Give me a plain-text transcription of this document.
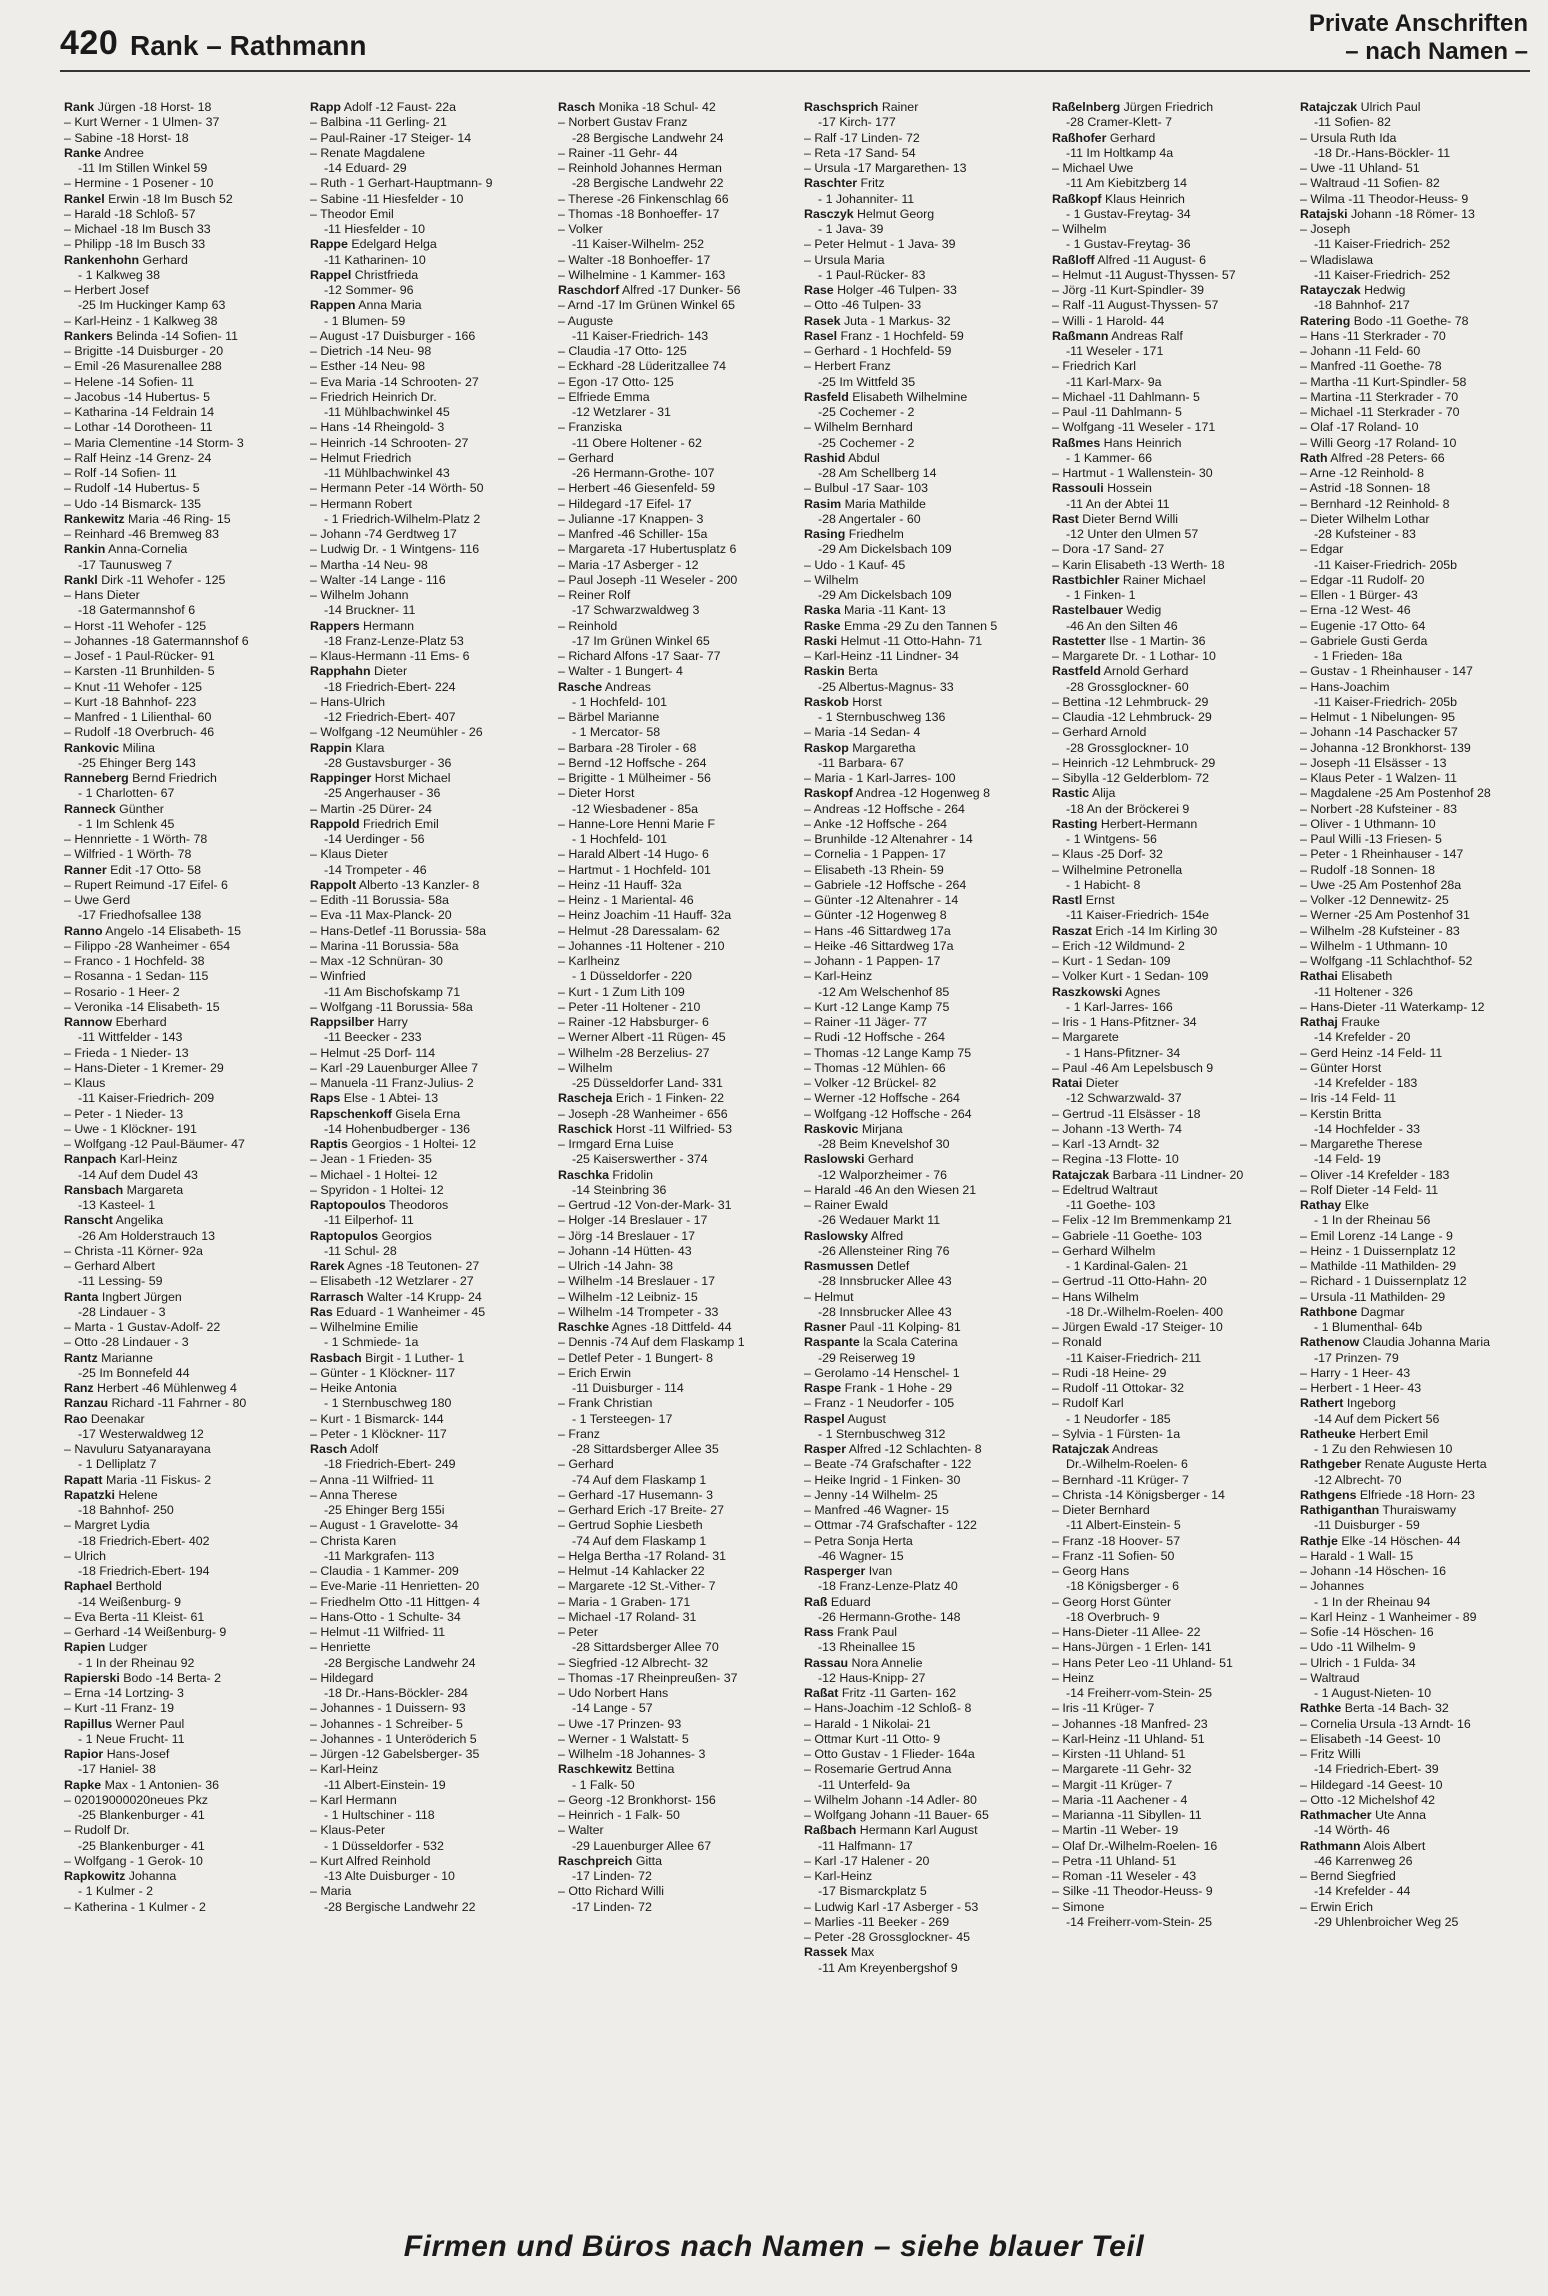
420 Rank – Rathmann
Private Anschriften
– nach Namen –
Rank Jürgen -18 Horst- 18
– Kurt Werner - 1 Ulmen- 37
– Sabine -18 Horst- 18
Ranke Andree
-11 Im Stillen Winkel 59
– Hermine - 1 Posener - 10
Rankel Erwin -18 Im Busch 52
– Harald -18 Schloß- 57
– Michael -18 Im Busch 33
– Philipp -18 Im Busch 33
Rankenhohn Gerhard
- 1 Kalkweg 38
– Herbert Josef
-25 Im Huckinger Kamp 63
– Karl-Heinz - 1 Kalkweg 38
Rankers Belinda -14 Sofien- 11
– Brigitte -14 Duisburger - 20
– Emil -26 Masurenallee 288
– Helene -14 Sofien- 11
– Jacobus -14 Hubertus- 5
– Katharina -14 Feldrain 14
– Lothar -14 Dorotheen- 11
– Maria Clementine -14 Storm- 3
– Ralf Heinz -14 Grenz- 24
– Rolf -14 Sofien- 11
– Rudolf -14 Hubertus- 5
– Udo -14 Bismarck- 135
Rankewitz Maria -46 Ring- 15
– Reinhard -46 Bremweg 83
Rankin Anna-Cornelia
-17 Taunusweg 7
Rankl Dirk -11 Wehofer - 125
– Hans Dieter
-18 Gatermannshof 6
– Horst -11 Wehofer - 125
– Johannes -18 Gatermannshof 6
– Josef - 1 Paul-Rücker- 91
– Karsten -11 Brunhilden- 5
– Knut -11 Wehofer - 125
– Kurt -18 Bahnhof- 223
– Manfred - 1 Lilienthal- 60
– Rudolf -18 Overbruch- 46
Rankovic Milina
-25 Ehinger Berg 143
Ranneberg Bernd Friedrich
- 1 Charlotten- 67
Ranneck Günther
- 1 Im Schlenk 45
– Hennriette - 1 Wörth- 78
– Wilfried - 1 Wörth- 78
Ranner Edit -17 Otto- 58
– Rupert Reimund -17 Eifel- 6
– Uwe Gerd
-17 Friedhofsallee 138
Ranno Angelo -14 Elisabeth- 15
– Filippo -28 Wanheimer - 654
– Franco - 1 Hochfeld- 38
– Rosanna - 1 Sedan- 115
– Rosario - 1 Heer- 2
– Veronika -14 Elisabeth- 15
Rannow Eberhard
-11 Wittfelder - 143
– Frieda - 1 Nieder- 13
– Hans-Dieter - 1 Kremer- 29
– Klaus
-11 Kaiser-Friedrich- 209
– Peter - 1 Nieder- 13
– Uwe - 1 Klöckner- 191
– Wolfgang -12 Paul-Bäumer- 47
Ranpach Karl-Heinz
-14 Auf dem Dudel 43
Ransbach Margareta
-13 Kasteel- 1
Ranscht Angelika
-26 Am Holderstrauch 13
– Christa -11 Körner- 92a
– Gerhard Albert
-11 Lessing- 59
Ranta Ingbert Jürgen
-28 Lindauer - 3
– Marta - 1 Gustav-Adolf- 22
– Otto -28 Lindauer - 3
Rantz Marianne
-25 Im Bonnefeld 44
Ranz Herbert -46 Mühlenweg 4
Ranzau Richard -11 Fahrner - 80
Rao Deenakar
-17 Westerwaldweg 12
– Navuluru Satyanarayana
- 1 Delliplatz 7
Rapatt Maria -11 Fiskus- 2
Rapatzki Helene
-18 Bahnhof- 250
– Margret Lydia
-18 Friedrich-Ebert- 402
– Ulrich
-18 Friedrich-Ebert- 194
Raphael Berthold
-14 Weißenburg- 9
– Eva Berta -11 Kleist- 61
– Gerhard -14 Weißenburg- 9
Rapien Ludger
- 1 In der Rheinau 92
Rapierski Bodo -14 Berta- 2
– Erna -14 Lortzing- 3
– Kurt -11 Franz- 19
Rapillus Werner Paul
- 1 Neue Frucht- 11
Rapior Hans-Josef
-17 Haniel- 38
Rapke Max - 1 Antonien- 36
– 02019000020neues Pkz
-25 Blankenburger - 41
– Rudolf Dr.
-25 Blankenburger - 41
– Wolfgang - 1 Gerok- 10
Rapkowitz Johanna
- 1 Kulmer - 2
– Katherina - 1 Kulmer - 2
Rapp Adolf -12 Faust- 22a
– Balbina -11 Gerling- 21
– Paul-Rainer -17 Steiger- 14
– Renate Magdalene
-14 Eduard- 29
– Ruth - 1 Gerhart-Hauptmann- 9
– Sabine -11 Hiesfelder - 10
– Theodor Emil
-11 Hiesfelder - 10
Rappe Edelgard Helga
-11 Katharinen- 10
Rappel Christfrieda
-12 Sommer- 96
Rappen Anna Maria
- 1 Blumen- 59
– August -17 Duisburger - 166
– Dietrich -14 Neu- 98
– Esther -14 Neu- 98
– Eva Maria -14 Schrooten- 27
– Friedrich Heinrich Dr.
-11 Mühlbachwinkel 45
– Hans -14 Rheingold- 3
– Heinrich -14 Schrooten- 27
– Helmut Friedrich
-11 Mühlbachwinkel 43
– Hermann Peter -14 Wörth- 50
– Hermann Robert
- 1 Friedrich-Wilhelm-Platz 2
– Johann -74 Gerdtweg 17
– Ludwig Dr. - 1 Wintgens- 116
– Martha -14 Neu- 98
– Walter -14 Lange - 116
– Wilhelm Johann
-14 Bruckner- 11
Rappers Hermann
-18 Franz-Lenze-Platz 53
– Klaus-Hermann -11 Ems- 6
Rapphahn Dieter
-18 Friedrich-Ebert- 224
– Hans-Ulrich
-12 Friedrich-Ebert- 407
– Wolfgang -12 Neumühler - 26
Rappin Klara
-28 Gustavsburger - 36
Rappinger Horst Michael
-25 Angerhauser - 36
– Martin -25 Dürer- 24
Rappold Friedrich Emil
-14 Uerdinger - 56
– Klaus Dieter
-14 Trompeter - 46
Rappolt Alberto -13 Kanzler- 8
– Edith -11 Borussia- 58a
– Eva -11 Max-Planck- 20
– Hans-Detlef -11 Borussia- 58a
– Marina -11 Borussia- 58a
– Max -12 Schnüran- 30
– Winfried
-11 Am Bischofskamp 71
– Wolfgang -11 Borussia- 58a
Rappsilber Harry
-11 Beecker - 233
– Helmut -25 Dorf- 114
– Karl -29 Lauenburger Allee 7
– Manuela -11 Franz-Julius- 2
Raps Else - 1 Abtei- 13
Rapschenkoff Gisela Erna
-14 Hohenbudberger - 136
Raptis Georgios - 1 Holtei- 12
– Jean - 1 Frieden- 35
– Michael - 1 Holtei- 12
– Spyridon - 1 Holtei- 12
Raptopoulos Theodoros
-11 Eilperhof- 11
Raptopulos Georgios
-11 Schul- 28
Rarek Agnes -18 Teutonen- 27
– Elisabeth -12 Wetzlarer - 27
Rarrasch Walter -14 Krupp- 24
Ras Eduard - 1 Wanheimer - 45
– Wilhelmine Emilie
- 1 Schmiede- 1a
Rasbach Birgit - 1 Luther- 1
– Günter - 1 Klöckner- 117
– Heike Antonia
- 1 Sternbuschweg 180
– Kurt - 1 Bismarck- 144
– Peter - 1 Klöckner- 117
Rasch Adolf
-18 Friedrich-Ebert- 249
– Anna -11 Wilfried- 11
– Anna Therese
-25 Ehinger Berg 155i
– August - 1 Gravelotte- 34
– Christa Karen
-11 Markgrafen- 113
– Claudia - 1 Kammer- 209
– Eve-Marie -11 Henrietten- 20
– Friedhelm Otto -11 Hittgen- 4
– Hans-Otto - 1 Schulte- 34
– Helmut -11 Wilfried- 11
– Henriette
-28 Bergische Landwehr 24
– Hildegard
-18 Dr.-Hans-Böckler- 284
– Johannes - 1 Duissern- 93
– Johannes - 1 Schreiber- 5
– Johannes - 1 Unteröderich 5
– Jürgen -12 Gabelsberger- 35
– Karl-Heinz
-11 Albert-Einstein- 19
– Karl Hermann
- 1 Hultschiner - 118
– Klaus-Peter
- 1 Düsseldorfer - 532
– Kurt Alfred Reinhold
-13 Alte Duisburger - 10
– Maria
-28 Bergische Landwehr 22
Rasch Monika -18 Schul- 42
– Norbert Gustav Franz
-28 Bergische Landwehr 24
– Rainer -11 Gehr- 44
– Reinhold Johannes Herman
-28 Bergische Landwehr 22
– Therese -26 Finkenschlag 66
– Thomas -18 Bonhoeffer- 17
– Volker
-11 Kaiser-Wilhelm- 252
– Walter -18 Bonhoeffer- 17
– Wilhelmine - 1 Kammer- 163
Raschdorf Alfred -17 Dunker- 56
– Arnd -17 Im Grünen Winkel 65
– Auguste
-11 Kaiser-Friedrich- 143
– Claudia -17 Otto- 125
– Eckhard -28 Lüderitzallee 74
– Egon -17 Otto- 125
– Elfriede Emma
-12 Wetzlarer - 31
– Franziska
-11 Obere Holtener - 62
– Gerhard
-26 Hermann-Grothe- 107
– Herbert -46 Giesenfeld- 59
– Hildegard -17 Eifel- 17
– Julianne -17 Knappen- 3
– Manfred -46 Schiller- 15a
– Margareta -17 Hubertusplatz 6
– Maria -17 Asberger - 12
– Paul Joseph -11 Weseler - 200
– Reiner Rolf
-17 Schwarzwaldweg 3
– Reinhold
-17 Im Grünen Winkel 65
– Richard Alfons -17 Saar- 77
– Walter - 1 Bungert- 4
Rasche Andreas
- 1 Hochfeld- 101
– Bärbel Marianne
- 1 Mercator- 58
– Barbara -28 Tiroler - 68
– Bernd -12 Hoffsche - 264
– Brigitte - 1 Mülheimer - 56
– Dieter Horst
-12 Wiesbadener - 85a
– Hanne-Lore Henni Marie F
- 1 Hochfeld- 101
– Harald Albert -14 Hugo- 6
– Hartmut - 1 Hochfeld- 101
– Heinz -11 Hauff- 32a
– Heinz - 1 Mariental- 46
– Heinz Joachim -11 Hauff- 32a
– Helmut -28 Daressalam- 62
– Johannes -11 Holtener - 210
– Karlheinz
- 1 Düsseldorfer - 220
– Kurt - 1 Zum Lith 109
– Peter -11 Holtener - 210
– Rainer -12 Habsburger- 6
– Werner Albert -11 Rügen- 45
– Wilhelm -28 Berzelius- 27
– Wilhelm
-25 Düsseldorfer Land- 331
Rascheja Erich - 1 Finken- 22
– Joseph -28 Wanheimer - 656
Raschick Horst -11 Wilfried- 53
– Irmgard Erna Luise
-25 Kaiserswerther - 374
Raschka Fridolin
-14 Steinbring 36
– Gertrud -12 Von-der-Mark- 31
– Holger -14 Breslauer - 17
– Jörg -14 Breslauer - 17
– Johann -14 Hütten- 43
– Ulrich -14 Jahn- 38
– Wilhelm -14 Breslauer - 17
– Wilhelm -12 Leibniz- 15
– Wilhelm -14 Trompeter - 33
Raschke Agnes -18 Dittfeld- 44
– Dennis -74 Auf dem Flaskamp 1
– Detlef Peter - 1 Bungert- 8
– Erich Erwin
-11 Duisburger - 114
– Frank Christian
- 1 Tersteegen- 17
– Franz
-28 Sittardsberger Allee 35
– Gerhard
-74 Auf dem Flaskamp 1
– Gerhard -17 Husemann- 3
– Gerhard Erich -17 Breite- 27
– Gertrud Sophie Liesbeth
-74 Auf dem Flaskamp 1
– Helga Bertha -17 Roland- 31
– Helmut -14 Kahlacker 22
– Margarete -12 St.-Vither- 7
– Maria - 1 Graben- 171
– Michael -17 Roland- 31
– Peter
-28 Sittardsberger Allee 70
– Siegfried -12 Albrecht- 32
– Thomas -17 Rheinpreußen- 37
– Udo Norbert Hans
-14 Lange - 57
– Uwe -17 Prinzen- 93
– Werner - 1 Walstatt- 5
– Wilhelm -18 Johannes- 3
Raschkewitz Bettina
- 1 Falk- 50
– Georg -12 Bronkhorst- 156
– Heinrich - 1 Falk- 50
– Walter
-29 Lauenburger Allee 67
Raschpreich Gitta
-17 Linden- 72
– Otto Richard Willi
-17 Linden- 72
Raschsprich Rainer
-17 Kirch- 177
– Ralf -17 Linden- 72
– Reta -17 Sand- 54
– Ursula -17 Margarethen- 13
Raschter Fritz
- 1 Johanniter- 11
Rasczyk Helmut Georg
- 1 Java- 39
– Peter Helmut - 1 Java- 39
– Ursula Maria
- 1 Paul-Rücker- 83
Rase Holger -46 Tulpen- 33
– Otto -46 Tulpen- 33
Rasek Juta - 1 Markus- 32
Rasel Franz - 1 Hochfeld- 59
– Gerhard - 1 Hochfeld- 59
– Herbert Franz
-25 Im Wittfeld 35
Rasfeld Elisabeth Wilhelmine
-25 Cochemer - 2
– Wilhelm Bernhard
-25 Cochemer - 2
Rashid Abdul
-28 Am Schellberg 14
– Bulbul -17 Saar- 103
Rasim Maria Mathilde
-28 Angertaler - 60
Rasing Friedhelm
-29 Am Dickelsbach 109
– Udo - 1 Kauf- 45
– Wilhelm
-29 Am Dickelsbach 109
Raska Maria -11 Kant- 13
Raske Emma -29 Zu den Tannen 5
Raski Helmut -11 Otto-Hahn- 71
– Karl-Heinz -11 Lindner- 34
Raskin Berta
-25 Albertus-Magnus- 33
Raskob Horst
- 1 Sternbuschweg 136
– Maria -14 Sedan- 4
Raskop Margaretha
-11 Barbara- 67
– Maria - 1 Karl-Jarres- 100
Raskopf Andrea -12 Hogenweg 8
– Andreas -12 Hoffsche - 264
– Anke -12 Hoffsche - 264
– Brunhilde -12 Altenahrer - 14
– Cornelia - 1 Pappen- 17
– Elisabeth -13 Rhein- 59
– Gabriele -12 Hoffsche - 264
– Günter -12 Altenahrer - 14
– Günter -12 Hogenweg 8
– Hans -46 Sittardweg 17a
– Heike -46 Sittardweg 17a
– Johann - 1 Pappen- 17
– Karl-Heinz
-12 Am Welschenhof 85
– Kurt -12 Lange Kamp 75
– Rainer -11 Jäger- 77
– Rudi -12 Hoffsche - 264
– Thomas -12 Lange Kamp 75
– Thomas -12 Mühlen- 66
– Volker -12 Brückel- 82
– Werner -12 Hoffsche - 264
– Wolfgang -12 Hoffsche - 264
Raskovic Mirjana
-28 Beim Knevelshof 30
Raslowski Gerhard
-12 Walporzheimer - 76
– Harald -46 An den Wiesen 21
– Rainer Ewald
-26 Wedauer Markt 11
Raslowsky Alfred
-26 Allensteiner Ring 76
Rasmussen Detlef
-28 Innsbrucker Allee 43
– Helmut
-28 Innsbrucker Allee 43
Rasner Paul -11 Kolping- 81
Raspante la Scala Caterina
-29 Reiserweg 19
– Gerolamo -14 Henschel- 1
Raspe Frank - 1 Hohe - 29
– Franz - 1 Neudorfer - 105
Raspel August
- 1 Sternbuschweg 312
Rasper Alfred -12 Schlachten- 8
– Beate -74 Grafschafter - 122
– Heike Ingrid - 1 Finken- 30
– Jenny -14 Wilhelm- 25
– Manfred -46 Wagner- 15
– Ottmar -74 Grafschafter - 122
– Petra Sonja Herta
-46 Wagner- 15
Rasperger Ivan
-18 Franz-Lenze-Platz 40
Raß Eduard
-26 Hermann-Grothe- 148
Rass Frank Paul
-13 Rheinallee 15
Rassau Nora Annelie
-12 Haus-Knipp- 27
Raßat Fritz -11 Garten- 162
– Hans-Joachim -12 Schloß- 8
– Harald - 1 Nikolai- 21
– Ottmar Kurt -11 Otto- 9
– Otto Gustav - 1 Flieder- 164a
– Rosemarie Gertrud Anna
-11 Unterfeld- 9a
– Wilhelm Johann -14 Adler- 80
– Wolfgang Johann -11 Bauer- 65
Raßbach Hermann Karl August
-11 Halfmann- 17
– Karl -17 Halener - 20
– Karl-Heinz
-17 Bismarckplatz 5
– Ludwig Karl -17 Asberger - 53
– Marlies -11 Beeker - 269
– Peter -28 Grossglockner- 45
Rassek Max
-11 Am Kreyenbergshof 9
Raßelnberg Jürgen Friedrich
-28 Cramer-Klett- 7
Raßhofer Gerhard
-11 Im Holtkamp 4a
– Michael Uwe
-11 Am Kiebitzberg 14
Raßkopf Klaus Heinrich
- 1 Gustav-Freytag- 34
– Wilhelm
- 1 Gustav-Freytag- 36
Raßloff Alfred -11 August- 6
– Helmut -11 August-Thyssen- 57
– Jörg -11 Kurt-Spindler- 39
– Ralf -11 August-Thyssen- 57
– Willi - 1 Harold- 44
Raßmann Andreas Ralf
-11 Weseler - 171
– Friedrich Karl
-11 Karl-Marx- 9a
– Michael -11 Dahlmann- 5
– Paul -11 Dahlmann- 5
– Wolfgang -11 Weseler - 171
Raßmes Hans Heinrich
- 1 Kammer- 66
– Hartmut - 1 Wallenstein- 30
Rassouli Hossein
-11 An der Abtei 11
Rast Dieter Bernd Willi
-12 Unter den Ulmen 57
– Dora -17 Sand- 27
– Karin Elisabeth -13 Werth- 18
Rastbichler Rainer Michael
- 1 Finken- 1
Rastelbauer Wedig
-46 An den Silten 46
Rastetter Ilse - 1 Martin- 36
– Margarete Dr. - 1 Lothar- 10
Rastfeld Arnold Gerhard
-28 Grossglockner- 60
– Bettina -12 Lehmbruck- 29
– Claudia -12 Lehmbruck- 29
– Gerhard Arnold
-28 Grossglockner- 10
– Heinrich -12 Lehmbruck- 29
– Sibylla -12 Gelderblom- 72
Rastic Alija
-18 An der Bröckerei 9
Rasting Herbert-Hermann
- 1 Wintgens- 56
– Klaus -25 Dorf- 32
– Wilhelmine Petronella
- 1 Habicht- 8
Rastl Ernst
-11 Kaiser-Friedrich- 154e
Raszat Erich -14 Im Kirling 30
– Erich -12 Wildmund- 2
– Kurt - 1 Sedan- 109
– Volker Kurt - 1 Sedan- 109
Raszkowski Agnes
- 1 Karl-Jarres- 166
– Iris - 1 Hans-Pfitzner- 34
– Margarete
- 1 Hans-Pfitzner- 34
– Paul -46 Am Lepelsbusch 9
Ratai Dieter
-12 Schwarzwald- 37
– Gertrud -11 Elsässer - 18
– Johann -13 Werth- 74
– Karl -13 Arndt- 32
– Regina -13 Flotte- 10
Ratajczak Barbara -11 Lindner- 20
– Edeltrud Waltraut
-11 Goethe- 103
– Felix -12 Im Bremmenkamp 21
– Gabriele -11 Goethe- 103
– Gerhard Wilhelm
- 1 Kardinal-Galen- 21
– Gertrud -11 Otto-Hahn- 20
– Hans Wilhelm
-18 Dr.-Wilhelm-Roelen- 400
– Jürgen Ewald -17 Steiger- 10
– Ronald
-11 Kaiser-Friedrich- 211
– Rudi -18 Heine- 29
– Rudolf -11 Ottokar- 32
– Rudolf Karl
- 1 Neudorfer - 185
– Sylvia - 1 Fürsten- 1a
Ratajczak Andreas
Dr.-Wilhelm-Roelen- 6
– Bernhard -11 Krüger- 7
– Christa -14 Königsberger - 14
– Dieter Bernhard
-11 Albert-Einstein- 5
– Franz -18 Hoover- 57
– Franz -11 Sofien- 50
– Georg Hans
-18 Königsberger - 6
– Georg Horst Günter
-18 Overbruch- 9
– Hans-Dieter -11 Allee- 22
– Hans-Jürgen - 1 Erlen- 141
– Hans Peter Leo -11 Uhland- 51
– Heinz
-14 Freiherr-vom-Stein- 25
– Iris -11 Krüger- 7
– Johannes -18 Manfred- 23
– Karl-Heinz -11 Uhland- 51
– Kirsten -11 Uhland- 51
– Margarete -11 Gehr- 32
– Margit -11 Krüger- 7
– Maria -11 Aachener - 4
– Marianna -11 Sibyllen- 11
– Martin -11 Weber- 19
– Olaf Dr.-Wilhelm-Roelen- 16
– Petra -11 Uhland- 51
– Roman -11 Weseler - 43
– Silke -11 Theodor-Heuss- 9
– Simone
-14 Freiherr-vom-Stein- 25
Ratajczak Ulrich Paul
-11 Sofien- 82
– Ursula Ruth Ida
-18 Dr.-Hans-Böckler- 11
– Uwe -11 Uhland- 51
– Waltraud -11 Sofien- 82
– Wilma -11 Theodor-Heuss- 9
Ratajski Johann -18 Römer- 13
– Joseph
-11 Kaiser-Friedrich- 252
– Wladislawa
-11 Kaiser-Friedrich- 252
Ratayczak Hedwig
-18 Bahnhof- 217
Ratering Bodo -11 Goethe- 78
– Hans -11 Sterkrader - 70
– Johann -11 Feld- 60
– Manfred -11 Goethe- 78
– Martha -11 Kurt-Spindler- 58
– Martina -11 Sterkrader - 70
– Michael -11 Sterkrader - 70
– Olaf -17 Roland- 10
– Willi Georg -17 Roland- 10
Rath Alfred -28 Peters- 66
– Arne -12 Reinhold- 8
– Astrid -18 Sonnen- 18
– Bernhard -12 Reinhold- 8
– Dieter Wilhelm Lothar
-28 Kufsteiner - 83
– Edgar
-11 Kaiser-Friedrich- 205b
– Edgar -11 Rudolf- 20
– Ellen - 1 Bürger- 43
– Erna -12 West- 46
– Eugenie -17 Otto- 64
– Gabriele Gusti Gerda
- 1 Frieden- 18a
– Gustav - 1 Rheinhauser - 147
– Hans-Joachim
-11 Kaiser-Friedrich- 205b
– Helmut - 1 Nibelungen- 95
– Johann -14 Paschacker 57
– Johanna -12 Bronkhorst- 139
– Joseph -11 Elsässer - 13
– Klaus Peter - 1 Walzen- 11
– Magdalene -25 Am Postenhof 28
– Norbert -28 Kufsteiner - 83
– Oliver - 1 Uthmann- 10
– Paul Willi -13 Friesen- 5
– Peter - 1 Rheinhauser - 147
– Rudolf -18 Sonnen- 18
– Uwe -25 Am Postenhof 28a
– Volker -12 Dennewitz- 25
– Werner -25 Am Postenhof 31
– Wilhelm -28 Kufsteiner - 83
– Wilhelm - 1 Uthmann- 10
– Wolfgang -11 Schlachthof- 52
Rathai Elisabeth
-11 Holtener - 326
– Hans-Dieter -11 Waterkamp- 12
Rathaj Frauke
-14 Krefelder - 20
– Gerd Heinz -14 Feld- 11
– Günter Horst
-14 Krefelder - 183
– Iris -14 Feld- 11
– Kerstin Britta
-14 Hochfelder - 33
– Margarethe Therese
-14 Feld- 19
– Oliver -14 Krefelder - 183
– Rolf Dieter -14 Feld- 11
Rathay Elke
- 1 In der Rheinau 56
– Emil Lorenz -14 Lange - 9
– Heinz - 1 Duissernplatz 12
– Mathilde -11 Mathilden- 29
– Richard - 1 Duissernplatz 12
– Ursula -11 Mathilden- 29
Rathbone Dagmar
- 1 Blumenthal- 64b
Rathenow Claudia Johanna Maria
-17 Prinzen- 79
– Harry - 1 Heer- 43
– Herbert - 1 Heer- 43
Rathert Ingeborg
-14 Auf dem Pickert 56
Ratheuke Herbert Emil
- 1 Zu den Rehwiesen 10
Rathgeber Renate Auguste Herta
-12 Albrecht- 70
Rathgens Elfriede -18 Horn- 23
Rathiganthan Thuraiswamy
-11 Duisburger - 59
Rathje Elke -14 Höschen- 44
– Harald - 1 Wall- 15
– Johann -14 Höschen- 16
– Johannes
- 1 In der Rheinau 94
– Karl Heinz - 1 Wanheimer - 89
– Sofie -14 Höschen- 16
– Udo -11 Wilhelm- 9
– Ulrich - 1 Fulda- 34
– Waltraud
- 1 August-Nieten- 10
Rathke Berta -14 Bach- 32
– Cornelia Ursula -13 Arndt- 16
– Elisabeth -14 Geest- 10
– Fritz Willi
-14 Friedrich-Ebert- 39
– Hildegard -14 Geest- 10
– Otto -12 Michelshof 42
Rathmacher Ute Anna
-14 Wörth- 46
Rathmann Alois Albert
-46 Karrenweg 26
– Bernd Siegfried
-14 Krefelder - 44
– Erwin Erich
-29 Uhlenbroicher Weg 25
Firmen und Büros nach Namen – siehe blauer Teil
